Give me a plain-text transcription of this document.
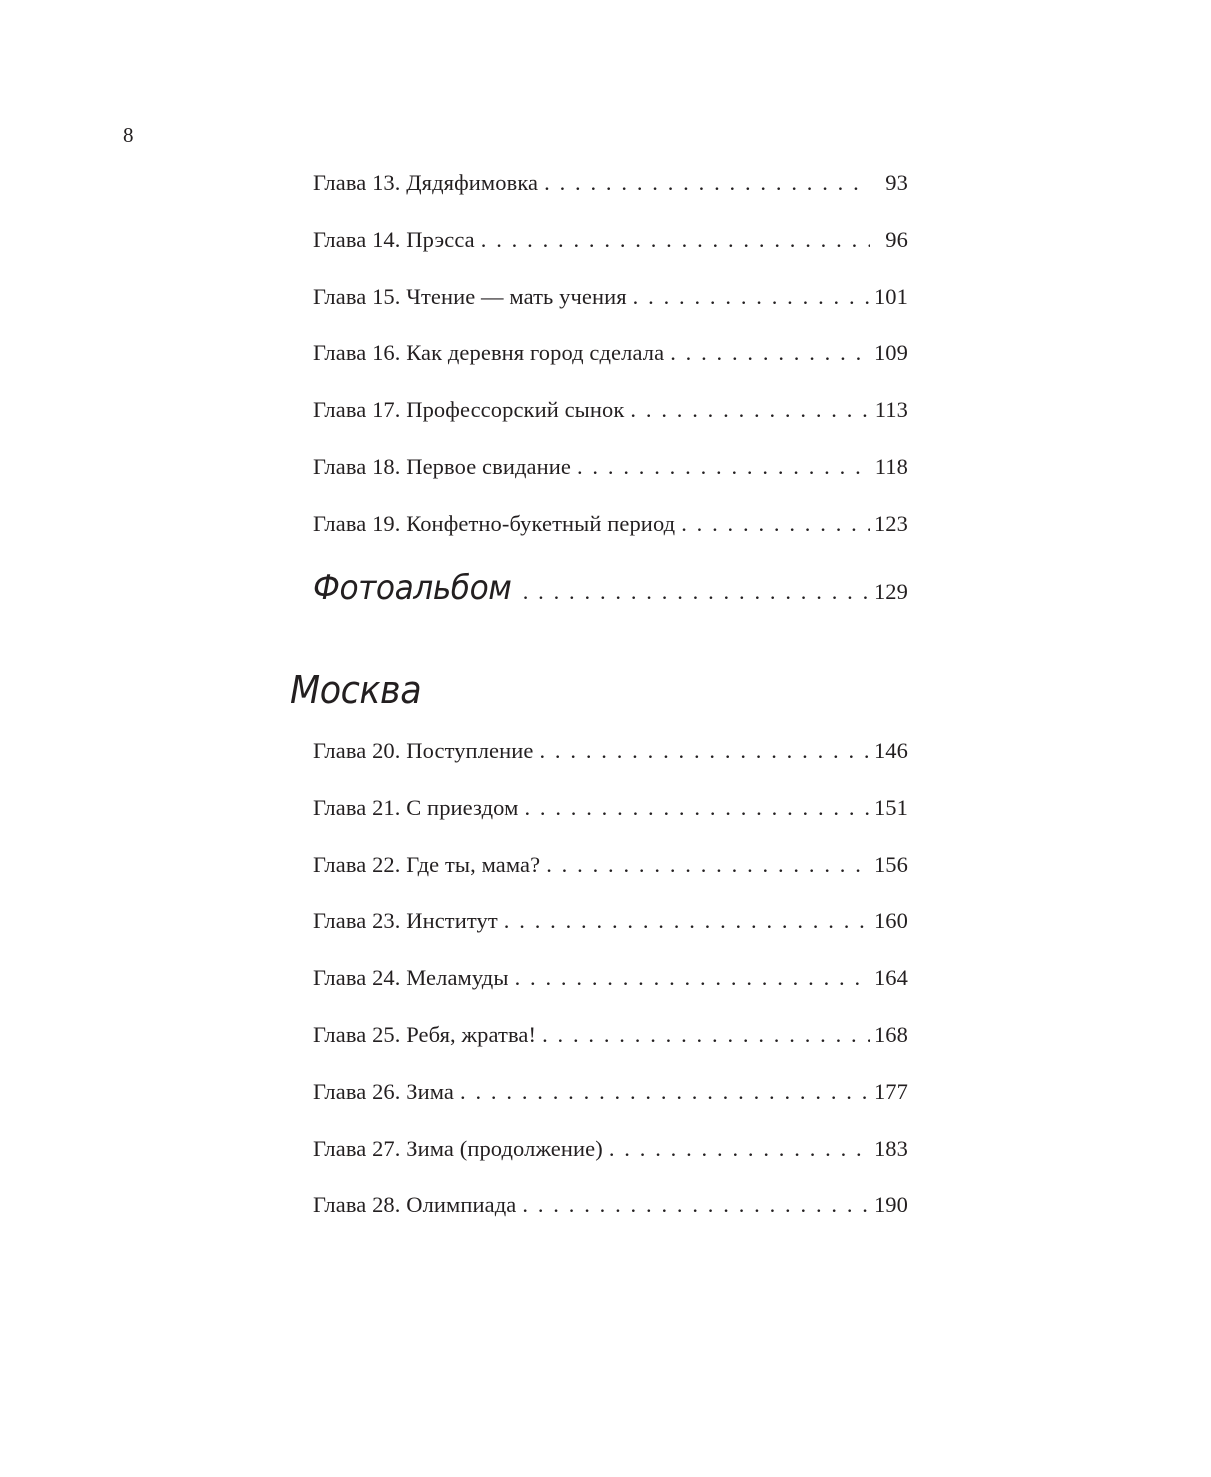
8
Глава 13. Дядяфимовка . . .	93
Глава 14. Прэсса . . .	96
Глава 15. Чтение — мать учения . . .	101
Глава 16. Как деревня город сделала . . .	109
Глава 17. Профессорский сынок . . .	113
Глава 18. Первое свидание . . .	118
Глава 19. Конфетно-букетный период . . .	123
Фотоальбом . . .	129
Москва
Глава 20. Поступление . . .	146
Глава 21. С приездом . . .	151
Глава 22. Где ты, мама? . . .	156
Глава 23. Институт . . .	160
Глава 24. Меламуды . . .	164
Глава 25. Ребя, жратва! . . .	168
Глава 26. Зима . . .	177
Глава 27. Зима (продолжение) . . .	183
Глава 28. Олимпиада . . .	190
